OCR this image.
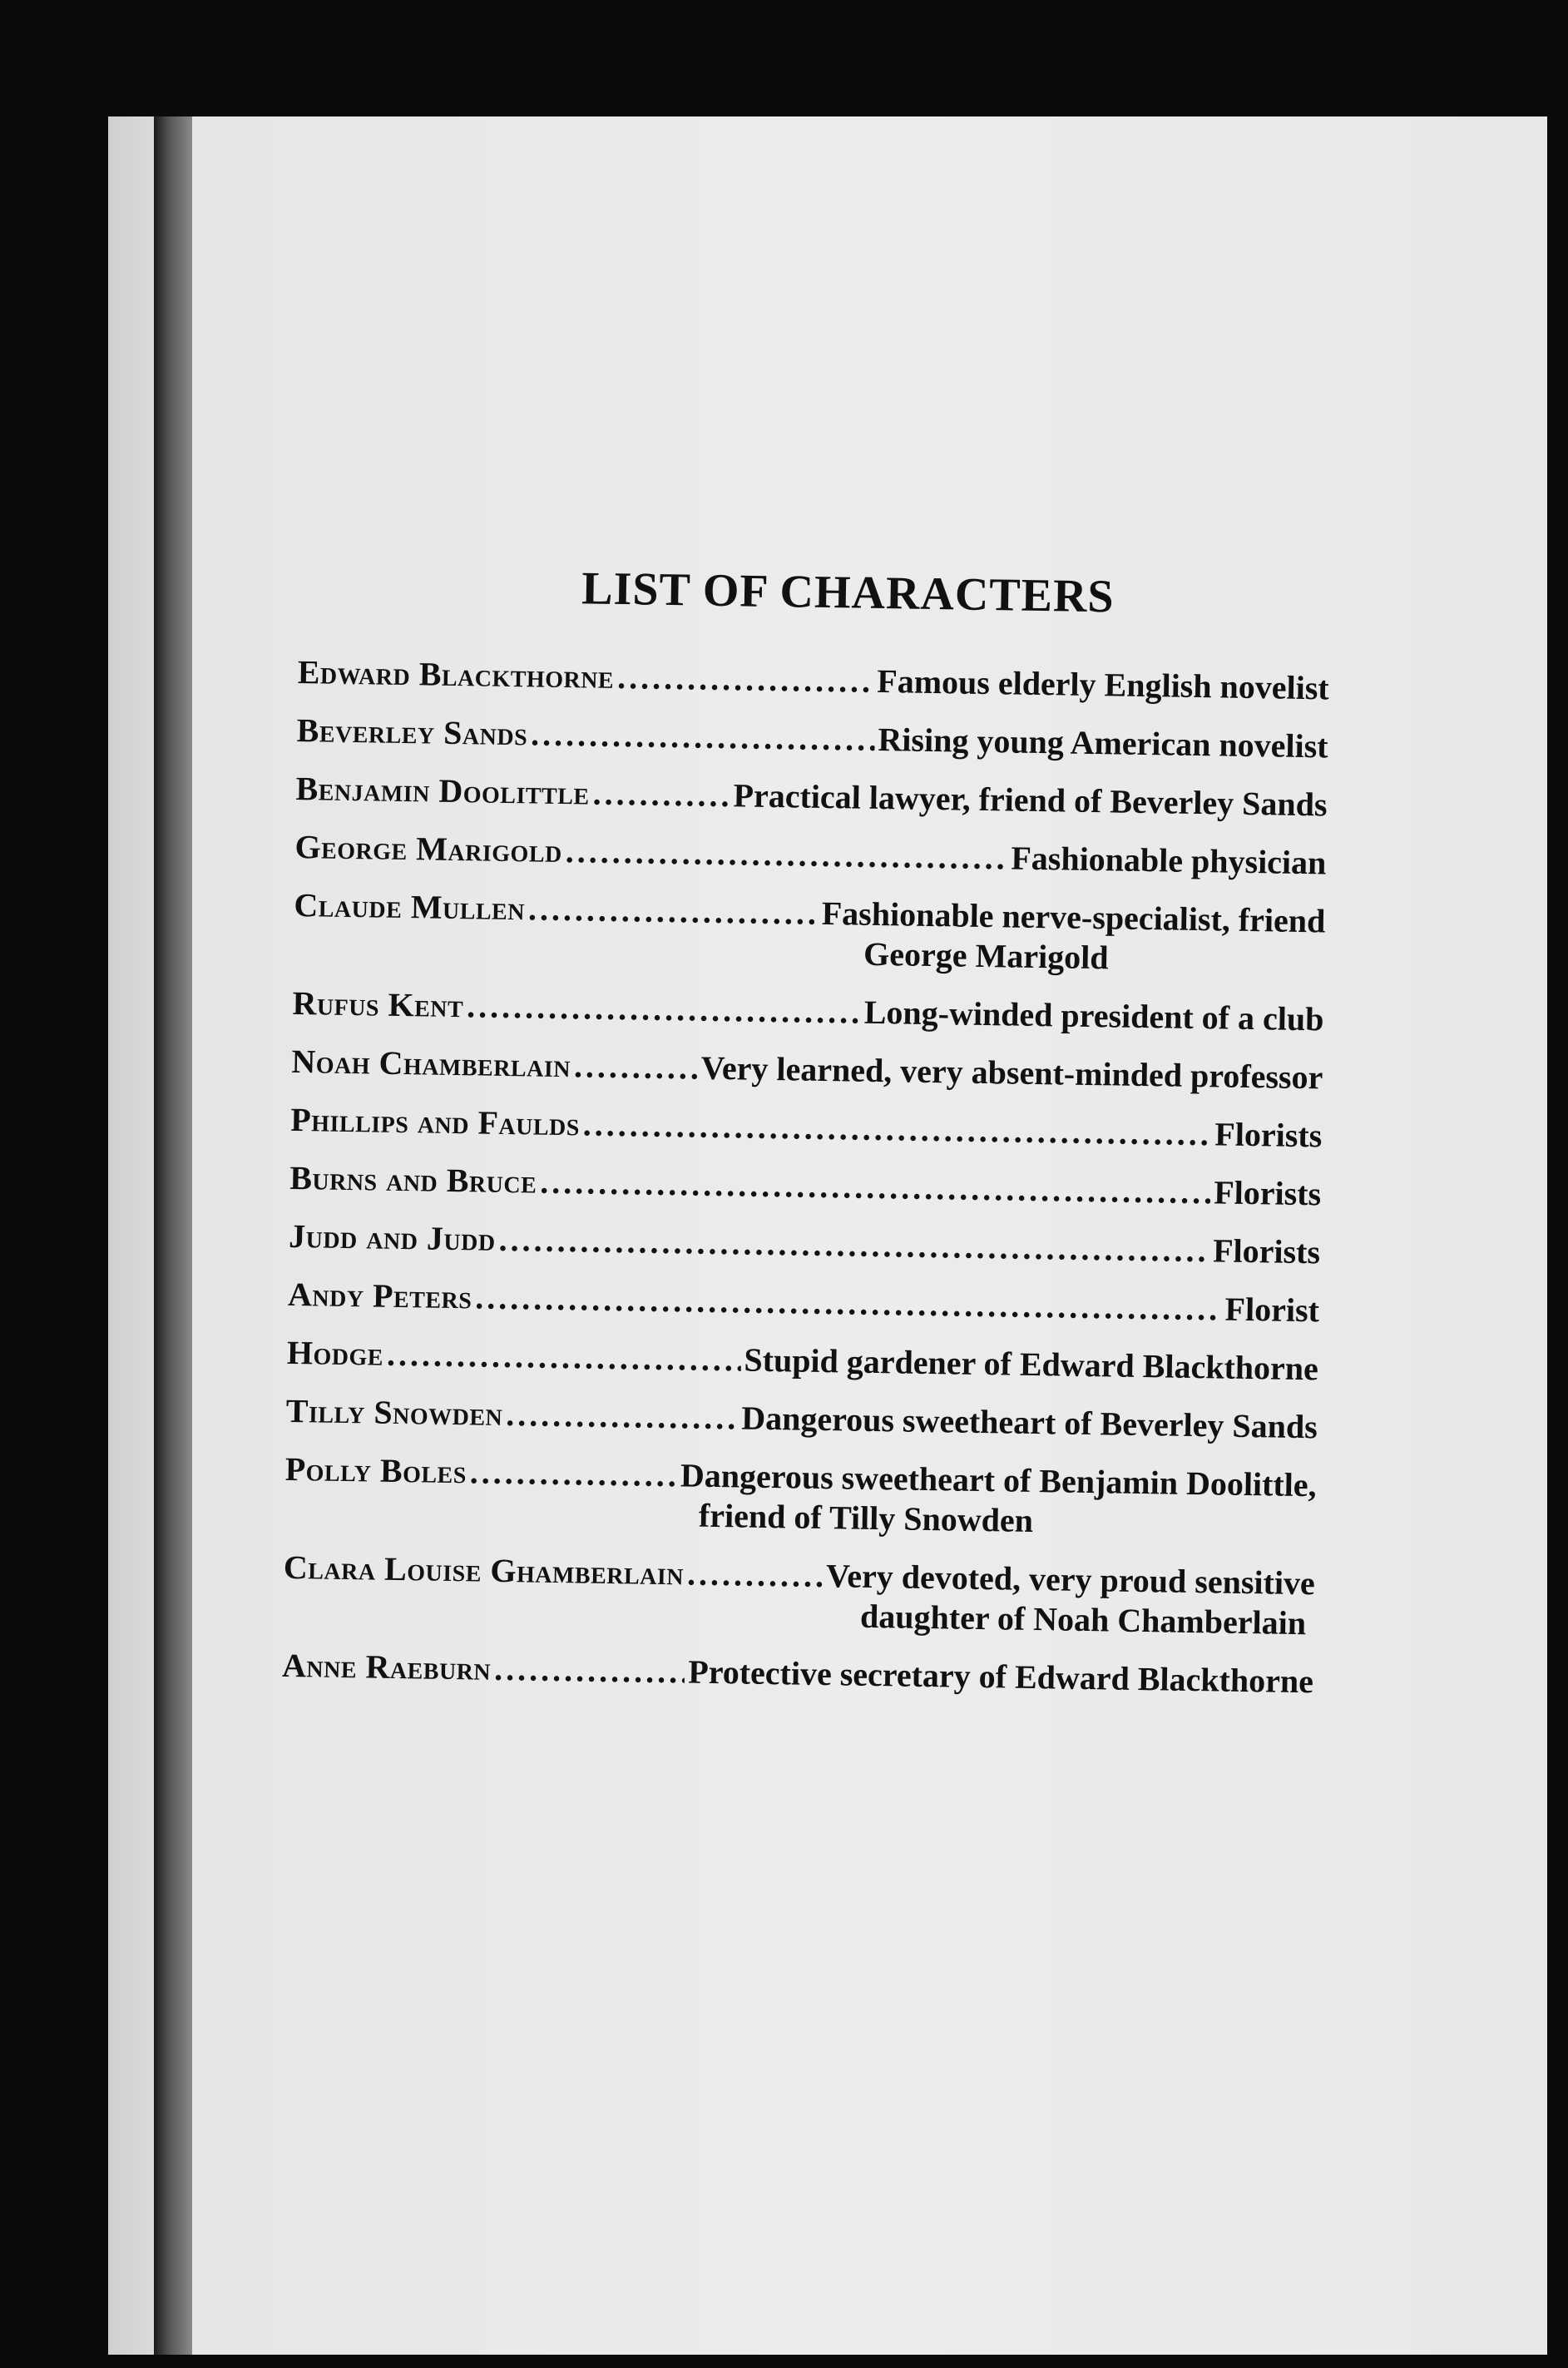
LIST OF CHARACTERS
Edward Blackthorne .....	Famous elderly English novelist
Beverley Sands .....	Rising young American novelist
Benjamin Doolittle .....	Practical lawyer, friend of Beverley Sands
George Marigold .....	Fashionable physician
Claude Mullen .....	Fashionable nerve-specialist, friend
George Marigold
Rufus Kent .....	Long-winded president of a club
Noah Chamberlain .....	Very learned, very absent-minded professor
Phillips and Faulds .....	Florists
Burns and Bruce .....	Florists
Judd and Judd .....	Florists
Andy Peters .....	Florist
Hodge .....	Stupid gardener of Edward Blackthorne
Tilly Snowden .....	Dangerous sweetheart of Beverley Sands
Polly Boles .....	Dangerous sweetheart of Benjamin Doolittle,
friend of Tilly Snowden
Clara Louise Ghamberlain .....	Very devoted, very proud sensitive
daughter of Noah Chamberlain
Anne Raeburn .....	Protective secretary of Edward Blackthorne
